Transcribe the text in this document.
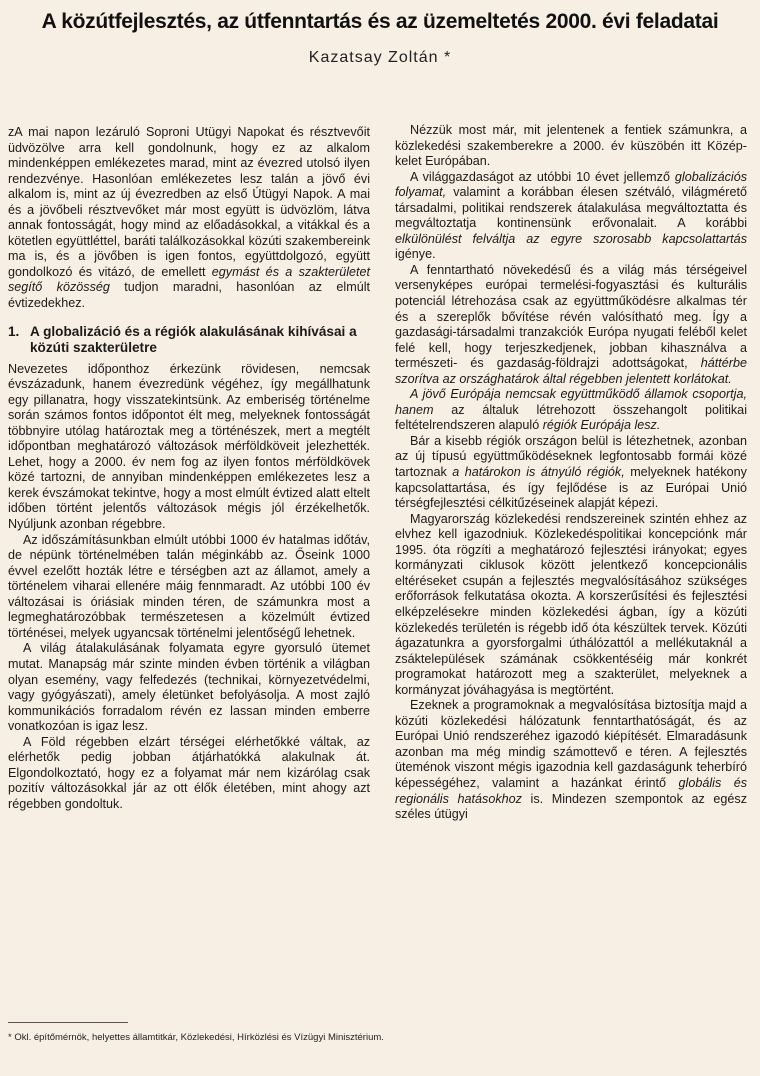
A közútfejlesztés, az útfenntartás és az üzemeltetés 2000. évi feladatai
Kazatsay Zoltán *

zA mai napon lezáruló Soproni Utügyi Napokat és résztvevőit üdvözölve arra kell gondolnunk, hogy ez az alkalom mindenképpen emlékezetes marad, mint az évezred utolsó ilyen rendezvénye. Hasonlóan emlékezetes lesz talán a jövő évi alkalom is, mint az új évezredben az első Útügyi Napok. A mai és a jövőbeli résztvevőket már most együtt is üdvözlöm, látva annak fontosságát, hogy mind az előadásokkal, a vitákkal és a kötetlen együttléttel, baráti találkozásokkal közúti szakembereink ma is, és a jövőben is igen fontos, együttdolgozó, együtt gondolkozó és vitázó, de emellett egymást és a szakterületet segítő közösség tudjon maradni, hasonlóan az elmúlt évtizedekhez.

1. A globalizáció és a régiók alakulásának kihívásai a közúti szakterületre

Nevezetes időponthoz érkezünk rövidesen, nemcsak évszázadunk, hanem évezredünk végéhez, így megállhatunk egy pillanatra, hogy visszatekintsünk. Az emberiség történelme során számos fontos időpontot élt meg, melyeknek fontosságát többnyire utólag határoztak meg a történészek, mert a megtélt időpontban meghatározó változások mérföldköveit jelezhették. Lehet, hogy a 2000. év nem fog az ilyen fontos mérföldkövek közé tartozni, de annyiban mindenképpen emlékezetes lesz a kerek évszámokat tekintve, hogy a most elmúlt évtized alatt eltelt időben történt jelentős változások mégis jól érzékelhetők. Nyúljunk azonban régebbre.

Az időszámításunkban elmúlt utóbbi 1000 év hatalmas időtáv, de népünk történelmében talán méginkább az. Őseink 1000 évvel ezelőtt hozták létre e térségben azt az államot, amely a történelem viharai ellenére máig fennmaradt. Az utóbbi 100 év változásai is óriásiak minden téren, de számunkra most a legmeghatározóbbak természetesen a közelmúlt évtized történései, melyek ugyancsak történelmi jelentőségű lehetnek.

A világ átalakulásának folyamata egyre gyorsuló ütemet mutat. Manapság már szinte minden évben történik a világban olyan esemény, vagy felfedezés (technikai, környezetvédelmi, vagy gyógyászati), amely életünket befolyásolja. A most zajló kommunikációs forradalom révén ez lassan minden emberre vonatkozóan is igaz lesz.

A Föld régebben elzárt térségei elérhetőkké váltak, az elérhetők pedig jobban átjárhatókká alakulnak át. Elgondolkoztató, hogy ez a folyamat már nem kizárólag csak pozitív változásokkal jár az ott élők életében, mint ahogy azt régebben gondoltuk.

Nézzük most már, mit jelentenek a fentiek számunkra, a közlekedési szakemberekre a 2000. év küszöbén itt Közép-kelet Európában.

A világgazdaságot az utóbbi 10 évet jellemző globalizációs folyamat, valamint a korábban élesen szétváló, világmérető társadalmi, politikai rendszerek átalakulása megváltoztatta és megváltoztatja kontinensünk erővonalait. A korábbi elkülönülést felváltja az egyre szorosabb kapcsolattartás igénye.

A fenntartható növekedésű és a világ más térségeivel versenyképes európai termelési-fogyasztási és kulturális potenciál létrehozása csak az együttműködésre alkalmas tér és a szereplők bővítése révén valósítható meg. Így a gazdasági-társadalmi tranzakciók Európa nyugati feléből kelet felé kell, hogy terjeszkedjenek, jobban kihasználva a természeti- és gazdaság-földrajzi adottságokat, háttérbe szorítva az országhatárok által régebben jelentett korlátokat.

A jövő Európája nemcsak együttműködő államok csoportja, hanem az általuk létrehozott összehangolt politikai feltételrendszeren alapuló régiók Európája lesz.

Bár a kisebb régiók országon belül is létezhetnek, azonban az új típusú együttműködéseknek legfontosabb formái közé tartoznak a határokon is átnyúló régiók, melyeknek hatékony kapcsolattartása, és így fejlődése is az Európai Unió térségfejlesztési célkitűzéseinek alapját képezi.

Magyarország közlekedési rendszereinek szintén ehhez az elvhez kell igazodniuk. Közlekedéspolitikai koncepciónk már 1995. óta rögzíti a meghatározó fejlesztési irányokat; egyes kormányzati ciklusok között jelentkező koncepcionális eltéréseket csupán a fejlesztés megvalósításához szükséges erőforrások felkutatása okozta. A korszerűsítési és fejlesztési elképzelésekre minden közlekedési ágban, így a közúti közlekedés területén is régebb idő óta készültek tervek. Közúti ágazatunkra a gyorsforgalmi úthálózattól a mellékutaknál a zsáktelepülések számának csökkentéséig már konkrét programokat határozott meg a szakterület, melyeknek a kormányzat jóváhagyása is megtörtént.

Ezeknek a programoknak a megvalósítása biztosítja majd a közúti közlekedési hálózatunk fenntarthatóságát, és az Európai Unió rendszeréhez igazodó kiépítését. Elmaradásunk azonban ma még mindig számottevő e téren. A fejlesztés üteménok viszont mégis igazodnia kell gazdaságunk teherbíró képességéhez, valamint a hazánkat érintő globális és regionális hatásokhoz is. Mindezen szempontok az egész széles útügyi

* Okl. építőmérnök, helyettes államtitkár, Közlekedési, Hírközlési és Vízügyi Minisztérium.
